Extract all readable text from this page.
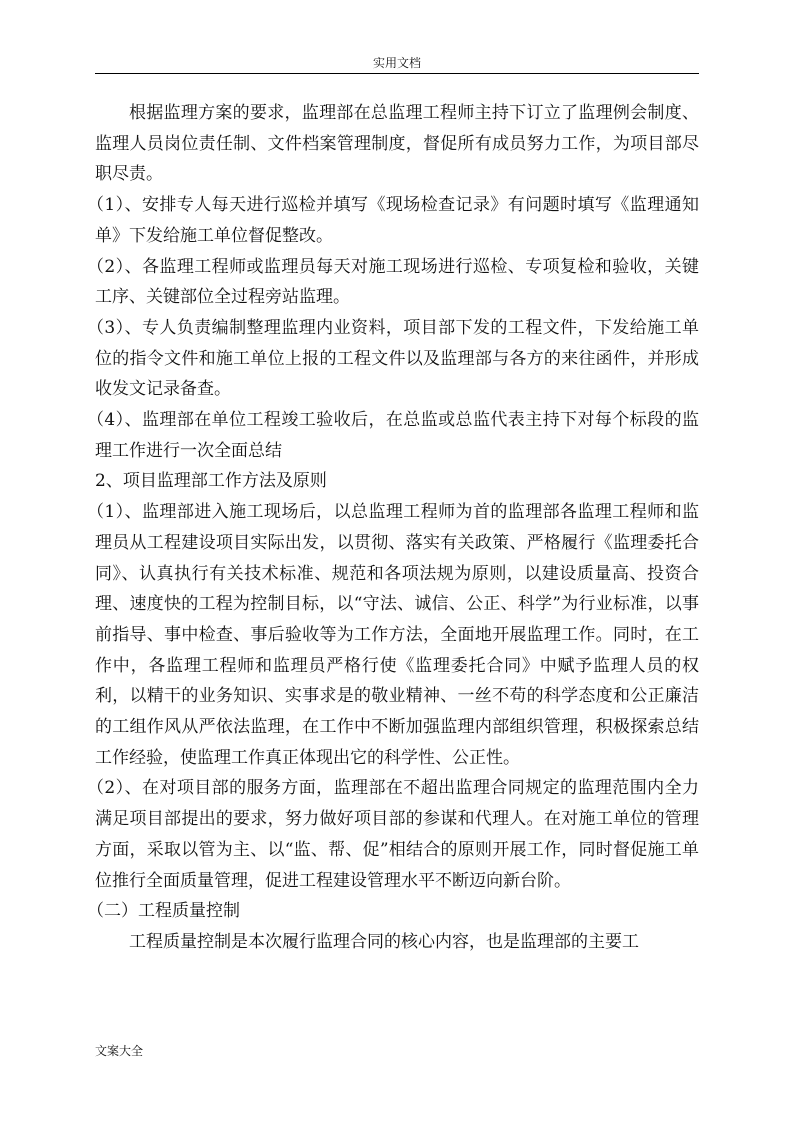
实用文档

根据监理方案的要求，监理部在总监理工程师主持下订立了监理例会制度、监理人员岗位责任制、文件档案管理制度，督促所有成员努力工作，为项目部尽职尽责。

（1）、安排专人每天进行巡检并填写《现场检查记录》有问题时填写《监理通知单》下发给施工单位督促整改。

（2）、各监理工程师或监理员每天对施工现场进行巡检、专项复检和验收，关键工序、关键部位全过程旁站监理。

（3）、专人负责编制整理监理内业资料，项目部下发的工程文件，下发给施工单位的指令文件和施工单位上报的工程文件以及监理部与各方的来往函件，并形成收发文记录备查。

（4）、监理部在单位工程竣工验收后，在总监或总监代表主持下对每个标段的监理工作进行一次全面总结

2、项目监理部工作方法及原则

（1）、监理部进入施工现场后，以总监理工程师为首的监理部各监理工程师和监理员从工程建设项目实际出发，以贯彻、落实有关政策、严格履行《监理委托合同》、认真执行有关技术标准、规范和各项法规为原则，以建设质量高、投资合理、速度快的工程为控制目标，以“守法、诚信、公正、科学”为行业标准，以事前指导、事中检查、事后验收等为工作方法，全面地开展监理工作。同时，在工作中，各监理工程师和监理员严格行使《监理委托合同》中赋予监理人员的权利，以精干的业务知识、实事求是的敬业精神、一丝不苟的科学态度和公正廉洁的工组作风从严依法监理，在工作中不断加强监理内部组织管理，积极探索总结工作经验，使监理工作真正体现出它的科学性、公正性。

（2）、在对项目部的服务方面，监理部在不超出监理合同规定的监理范围内全力满足项目部提出的要求，努力做好项目部的参谋和代理人。在对施工单位的管理方面，采取以管为主、以“监、帮、促”相结合的原则开展工作，同时督促施工单位推行全面质量管理，促进工程建设管理水平不断迈向新台阶。

（二）工程质量控制

工程质量控制是本次履行监理合同的核心内容，也是监理部的主要工

文案大全
